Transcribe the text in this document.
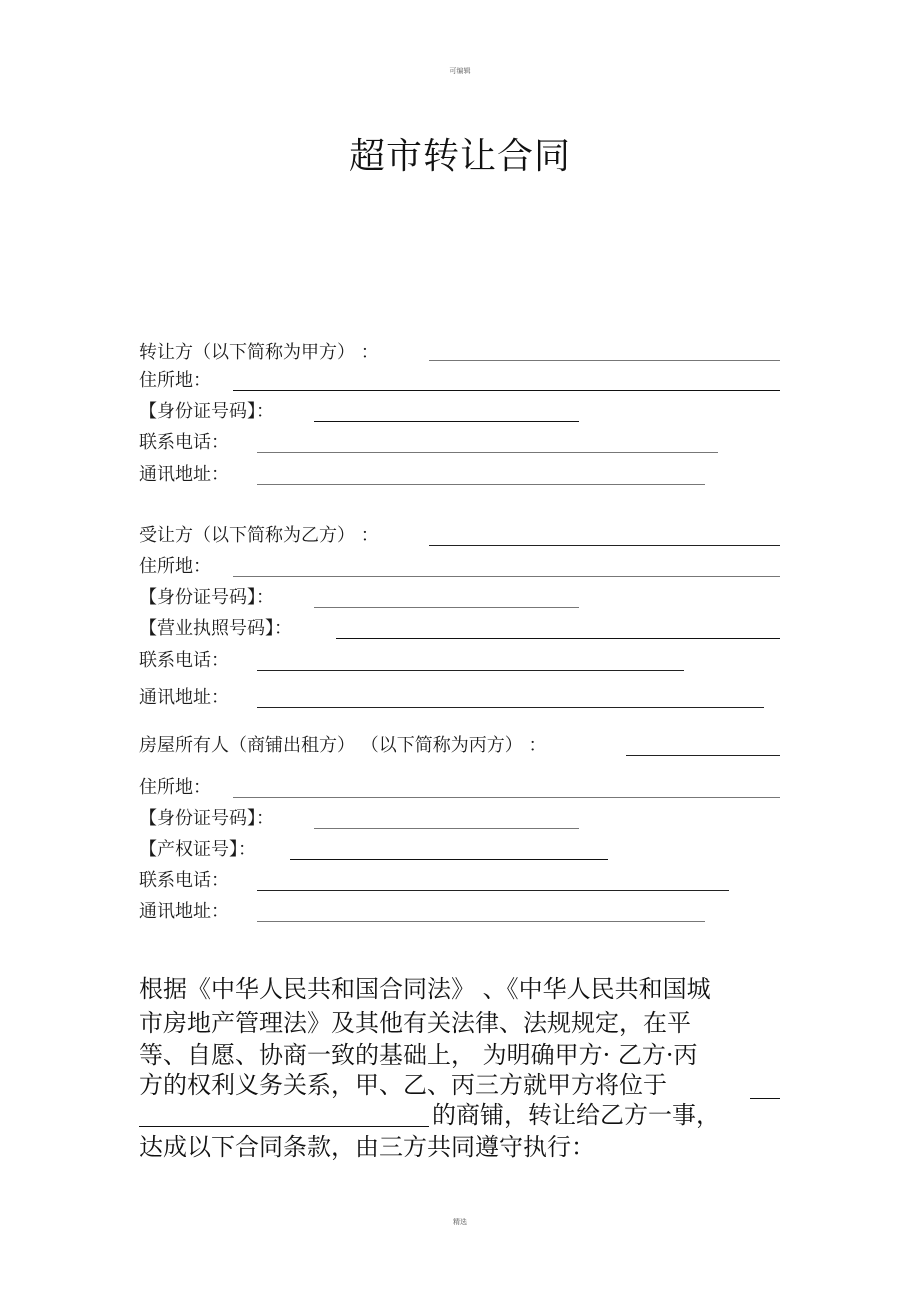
可编辑
超市转让合同
转让方（以下简称为甲方） ：
住所地：
【身份证号码】：
联系电话：
通讯地址：
受让方（以下简称为乙方） ：
住所地：
【身份证号码】：
【营业执照号码】：
联系电话：
通讯地址：
房屋所有人（商铺出租方） （以下简称为丙方） ：
住所地：
【身份证号码】：
【产权证号】：
联系电话：
通讯地址：
根据《中华人民共和国合同法》 、《中华人民共和国城
市房地产管理法》及其他有关法律、法规规定，在平
等、自愿、协商一致的基础上， 为明确甲方· 乙方·丙
方的权利义务关系，甲、乙、丙三方就甲方将位于
的商铺，转让给乙方一事，
达成以下合同条款，由三方共同遵守执行：
精选
